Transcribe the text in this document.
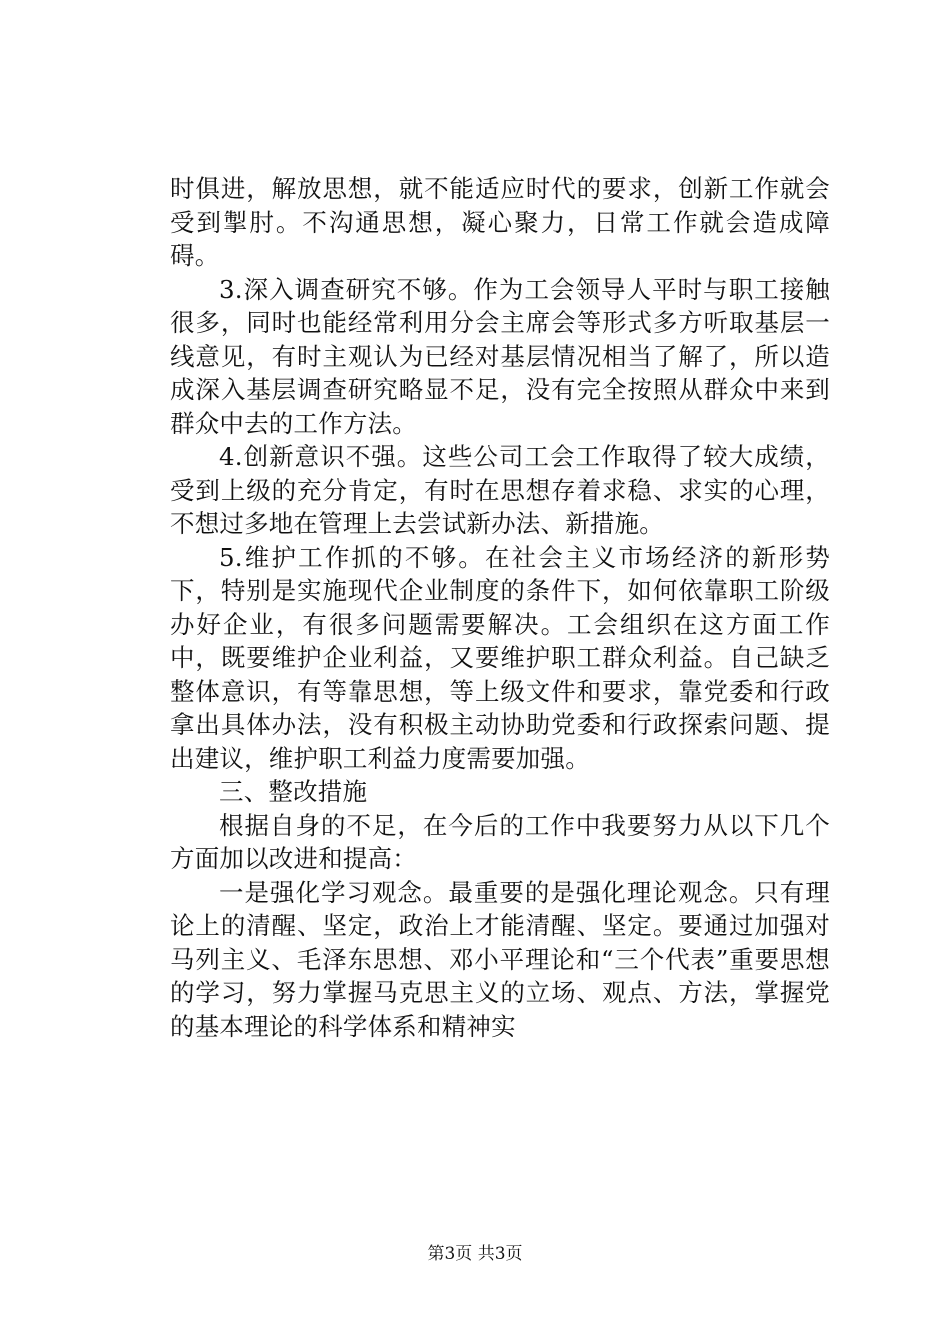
时俱进，解放思想，就不能适应时代的要求，创新工作就会受到掣肘。不沟通思想，凝心聚力，日常工作就会造成障碍。

3.深入调查研究不够。作为工会领导人平时与职工接触很多，同时也能经常利用分会主席会等形式多方听取基层一线意见，有时主观认为已经对基层情况相当了解了，所以造成深入基层调查研究略显不足，没有完全按照从群众中来到群众中去的工作方法。

4.创新意识不强。这些公司工会工作取得了较大成绩，受到上级的充分肯定，有时在思想存着求稳、求实的心理，不想过多地在管理上去尝试新办法、新措施。

5.维护工作抓的不够。在社会主义市场经济的新形势下，特别是实施现代企业制度的条件下，如何依靠职工阶级办好企业，有很多问题需要解决。工会组织在这方面工作中，既要维护企业利益，又要维护职工群众利益。自己缺乏整体意识，有等靠思想，等上级文件和要求，靠党委和行政拿出具体办法，没有积极主动协助党委和行政探索问题、提出建议，维护职工利益力度需要加强。

三、整改措施

根据自身的不足，在今后的工作中我要努力从以下几个方面加以改进和提高：

一是强化学习观念。最重要的是强化理论观念。只有理论上的清醒、坚定，政治上才能清醒、坚定。要通过加强对马列主义、毛泽东思想、邓小平理论和“三个代表”重要思想的学习，努力掌握马克思主义的立场、观点、方法，掌握党的基本理论的科学体系和精神实

第3页 共3页
